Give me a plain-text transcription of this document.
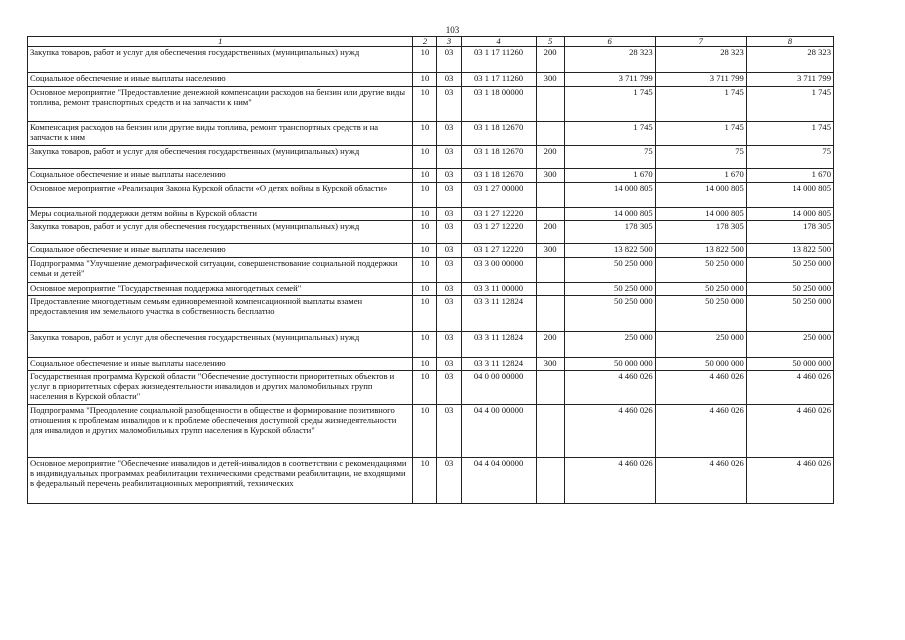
103
1	2	3	4	5	6	7	8
Закупка товаров, работ и услуг для обеспечения государственных (муниципальных) нужд	10	03	03 1 17 11260	200	28 323	28 323	28 323
Социальное обеспечение и иные выплаты населению	10	03	03 1 17 11260	300	3 711 799	3 711 799	3 711 799
Основное мероприятие "Предоставление денежной компенсации расходов на бензин или другие виды топлива, ремонт транспортных средств и на запчасти к ним"	10	03	03 1 18 00000		1 745	1 745	1 745
Компенсация расходов на бензин или другие виды топлива, ремонт транспортных средств и на запчасти к ним	10	03	03 1 18 12670		1 745	1 745	1 745
Закупка товаров, работ и услуг для обеспечения государственных (муниципальных) нужд	10	03	03 1 18 12670	200	75	75	75
Социальное обеспечение и иные выплаты населению	10	03	03 1 18 12670	300	1 670	1 670	1 670
Основное мероприятие «Реализация Закона Курской области «О детях войны в Курской области»	10	03	03 1 27 00000		14 000 805	14 000 805	14 000 805
Меры социальной поддержки детям войны в Курской области	10	03	03 1 27 12220		14 000 805	14 000 805	14 000 805
Закупка товаров, работ и услуг для обеспечения государственных (муниципальных) нужд	10	03	03 1 27 12220	200	178 305	178 305	178 305
Социальное обеспечение и иные выплаты населению	10	03	03 1 27 12220	300	13 822 500	13 822 500	13 822 500
Подпрограмма "Улучшение демографической ситуации, совершенствование социальной поддержки семьи и детей"	10	03	03 3 00 00000		50 250 000	50 250 000	50 250 000
Основное мероприятие "Государственная поддержка многодетных семей"	10	03	03 3 11 00000		50 250 000	50 250 000	50 250 000
Предоставление многодетным семьям единовременной компенсационной выплаты взамен предоставления им земельного участка в собственность бесплатно	10	03	03 3 11 12824		50 250 000	50 250 000	50 250 000
Закупка товаров, работ и услуг для обеспечения государственных (муниципальных) нужд	10	03	03 3 11 12824	200	250 000	250 000	250 000
Социальное обеспечение и иные выплаты населению	10	03	03 3 11 12824	300	50 000 000	50 000 000	50 000 000
Государственная программа Курской области "Обеспечение доступности приоритетных объектов и услуг в приоритетных сферах жизнедеятельности инвалидов и других маломобильных групп населения в Курской области"	10	03	04 0 00 00000		4 460 026	4 460 026	4 460 026
Подпрограмма "Преодоление социальной разобщенности в обществе и формирование позитивного отношения к проблемам инвалидов и к проблеме обеспечения доступной среды жизнедеятельности для инвалидов и других маломобильных групп населения в Курской области"	10	03	04 4 00 00000		4 460 026	4 460 026	4 460 026
Основное мероприятие "Обеспечение инвалидов и детей-инвалидов в соответствии с рекомендациями в индивидуальных программах реабилитации техническими средствами реабилитации, не входящими в федеральный перечень реабилитационных мероприятий, технических	10	03	04 4 04 00000		4 460 026	4 460 026	4 460 026
